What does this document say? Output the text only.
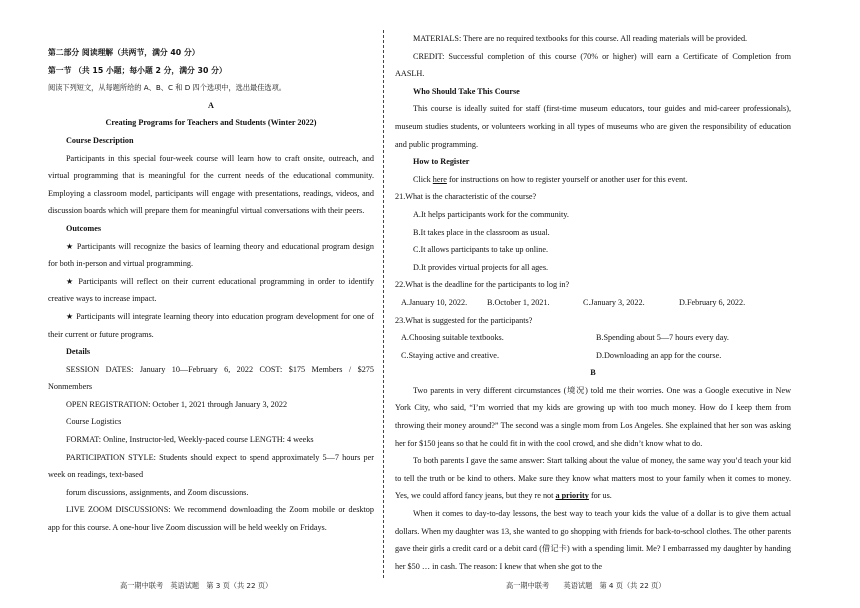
第二部分 阅读理解（共两节，满分 40 分）

第一节 （共 15 小题；每小题 2 分，满分 30 分）

阅读下列短文，从每题所给的 A、B、C 和 D 四个选项中，选出最佳选项。

A

Creating Programs for Teachers and Students (Winter 2022)

Course Description

Participants in this special four-week course will learn how to craft onsite, outreach, and virtual programming that is meaningful for the current needs of the educational community. Employing a classroom model, participants will engage with presentations, readings, videos, and discussion boards which will prepare them for meaningful virtual conversations with their peers.

Outcomes

★ Participants will recognize the basics of learning theory and educational program design for both in-person and virtual programming.

★ Participants will reflect on their current educational programming in order to identify creative ways to increase impact.

★ Participants will integrate learning theory into education program development for one of their current or future programs.

Details

SESSION DATES: January 10—February 6, 2022 COST: $175 Members / $275 Nonmembers

OPEN REGISTRATION: October 1, 2021 through January 3, 2022

Course Logistics

FORMAT: Online, Instructor-led, Weekly-paced course LENGTH: 4 weeks

PARTICIPATION STYLE: Students should expect to spend approximately 5—7 hours per week on readings, text-based

forum discussions, assignments, and Zoom discussions.

LIVE ZOOM DISCUSSIONS: We recommend downloading the Zoom mobile or desktop app for this course. A one-hour live Zoom discussion will be held weekly on Fridays.

高一期中联考　英语试题　第 3 页（共 22 页）

MATERIALS: There are no required textbooks for this course. All reading materials will be provided.

CREDIT: Successful completion of this course (70% or higher) will earn a Certificate of Completion from AASLH.

Who Should Take This Course

This course is ideally suited for staff (first-time museum educators, tour guides and mid-career professionals), museum studies students, or volunteers working in all types of museums who are given the responsibility of education and public programming.

How to Register

Click here for instructions on how to register yourself or another user for this event.

21.What is the characteristic of the course?

A.It helps participants work for the community.

B.It takes place in the classroom as usual.

C.It allows participants to take up online.

D.It provides virtual projects for all ages.

22.What is the deadline for the participants to log in?

A.January 10, 2022.	B.October 1, 2021.	C.January 3, 2022.	D.February 6, 2022.

23.What is suggested for the participants?

A.Choosing suitable textbooks.	B.Spending about 5—7 hours every day.

C.Staying active and creative.	D.Downloading an app for the course.

B

Two parents in very different circumstances (境况) told me their worries. One was a Google executive in New York City, who said, “I’m worried that my kids are growing up with too much money. How do I keep them from throwing their money around?” The second was a single mom from Los Angeles. She explained that her son was asking her for $150 jeans so that he could fit in with the cool crowd, and she didn’t know what to do.

To both parents I gave the same answer: Start talking about the value of money, the same way you’d teach your kid to tell the truth or be kind to others. Make sure they know what matters most to your family when it comes to money. Yes, we could afford fancy jeans, but they re not a priority for us.

When it comes to day-to-day lessons, the best way to teach your kids the value of a dollar is to give them actual dollars. When my daughter was 13, she wanted to go shopping with friends for back-to-school clothes. The other parents gave their girls a credit card or a debit card (借记卡) with a spending limit. Me? I embarrassed my daughter by handing her $50 … in cash. The reason: I knew that when she got to the

高一期中联考　　英语试题　第 4 页（共 22 页）
